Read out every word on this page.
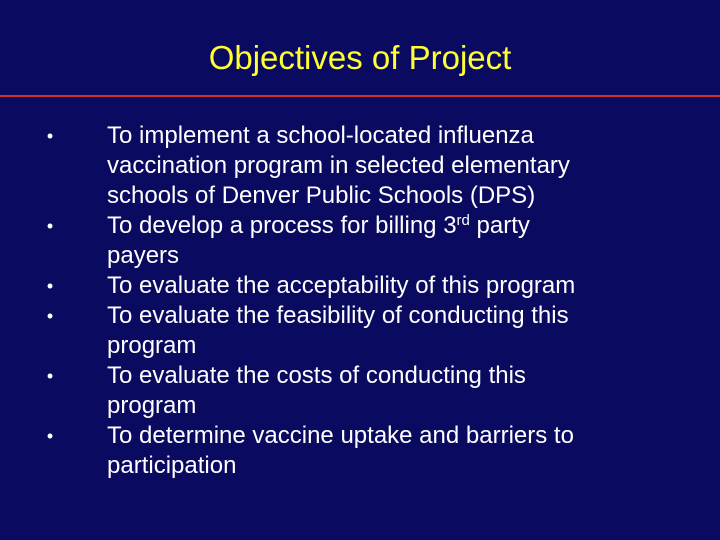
Objectives of Project
• To implement a school-located influenza
vaccination program in selected elementary
schools of Denver Public Schools (DPS)
• To develop a process for billing 3rd party
payers
• To evaluate the acceptability of this program
• To evaluate the feasibility of conducting this
program
• To evaluate the costs of conducting this
program
• To determine vaccine uptake and barriers to
participation
